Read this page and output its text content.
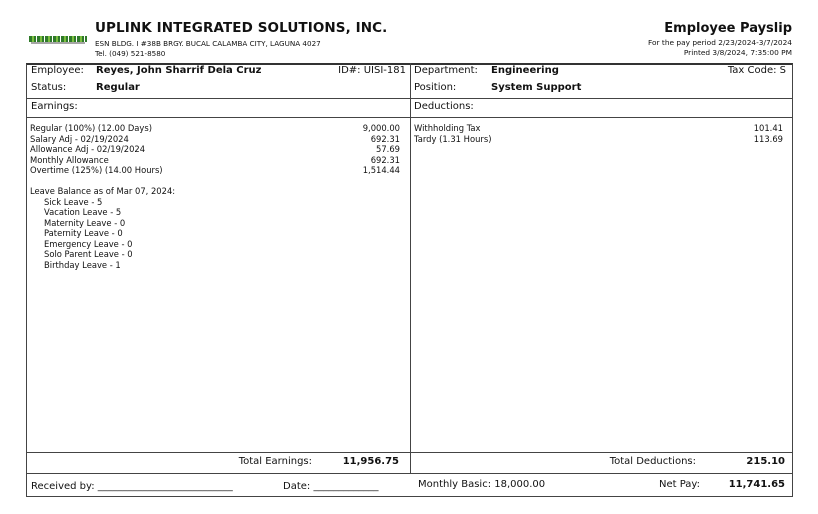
UPLINK INTEGRATED SOLUTIONS, INC.
ESN BLDG. I #38B BRGY. BUCAL CALAMBA CITY, LAGUNA 4027
Tel. (049) 521-8580
Employee Payslip
For the pay period 2/23/2024-3/7/2024
Printed 3/8/2024, 7:35:00 PM
Employee: Reyes, John Sharrif Dela Cruz	ID#: UISI-181
Status:	Regular
Department: Engineering	Tax Code: S
Position:	System Support
Earnings:	Deductions:
Regular (100%) (12.00 Days)	9,000.00
Salary Adj - 02/19/2024	692.31
Allowance Adj - 02/19/2024	57.69
Monthly Allowance	692.31
Overtime (125%) (14.00 Hours)	1,514.44
Leave Balance as of Mar 07, 2024:
Sick Leave - 5
Vacation Leave - 5
Maternity Leave - 0
Paternity Leave - 0
Emergency Leave - 0
Solo Parent Leave - 0
Birthday Leave - 1
Withholding Tax	101.41
Tardy (1.31 Hours)	113.69
Total Earnings:	11,956.75	Total Deductions:	215.10
Received by: ___________________________	Date: _____________	Monthly Basic: 18,000.00	Net Pay:	11,741.65
